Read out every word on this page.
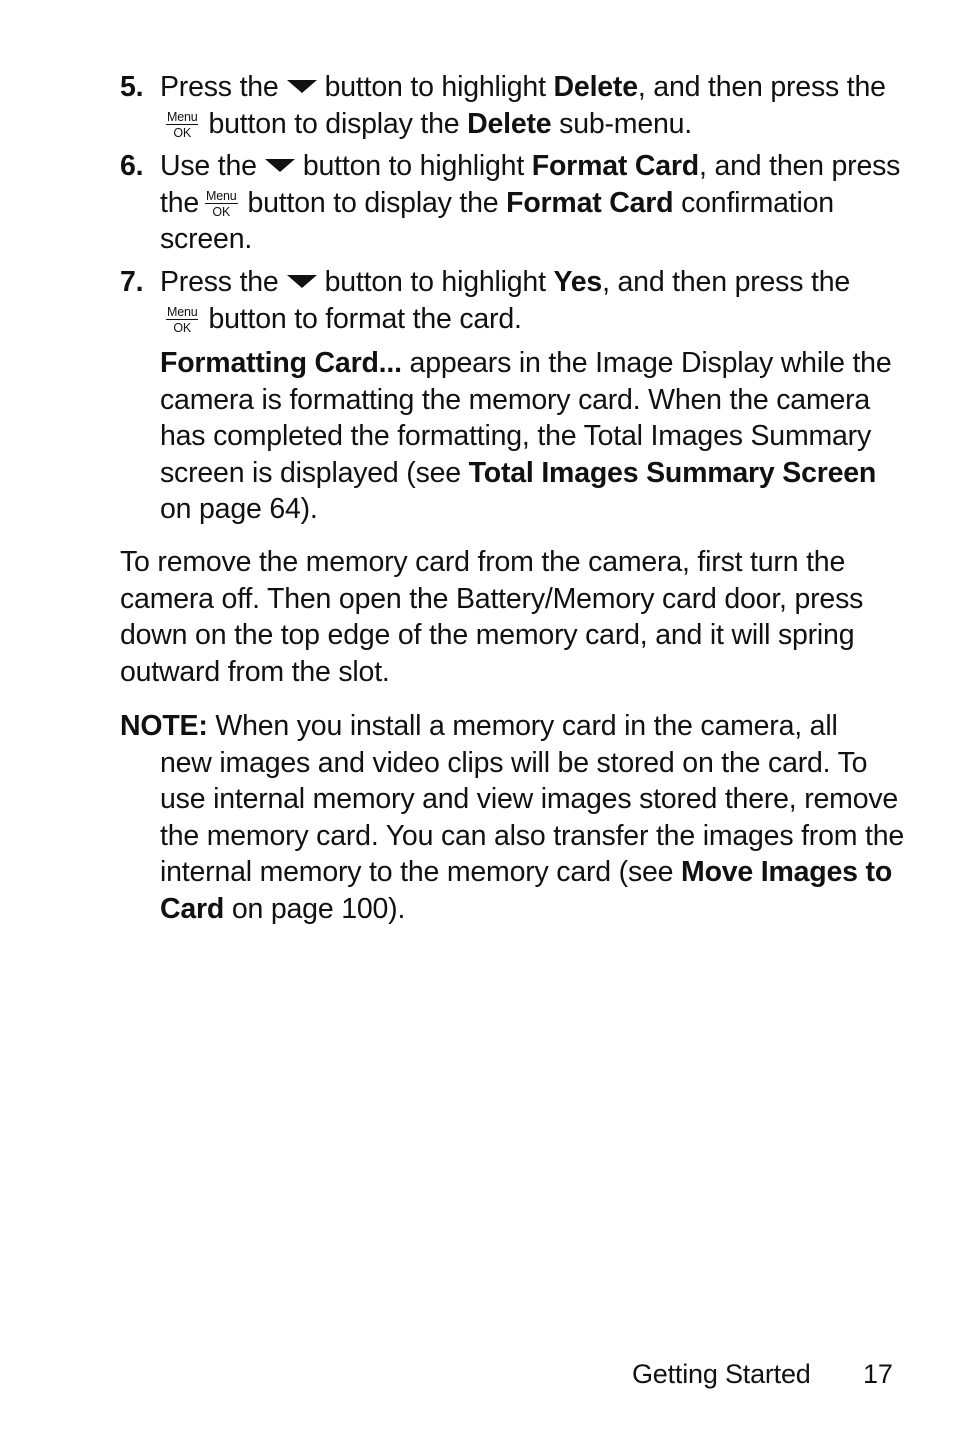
5. Press the button to highlight Delete, and then press the

Menu
OK button to display the Delete sub-menu.
6. Use the button to highlight Format Card, and then press the Menu
OK button to display the Format Card confirmation screen.
7. Press the button to highlight Yes, and then press the

Menu
OK button to format the card.
Formatting Card... appears in the Image Display while the camera is formatting the memory card. When the camera has completed the formatting, the Total Images Summary screen is displayed (see Total Images Summary Screen on page 64).
To remove the memory card from the camera, first turn the camera off. Then open the Battery/Memory card door, press down on the top edge of the memory card, and it will spring outward from the slot.
NOTE: When you install a memory card in the camera, all
new images and video clips will be stored on the card. To use internal memory and view images stored there, remove the memory card. You can also transfer the images from the internal memory to the memory card (see Move Images to Card on page 100).
Getting Started 17
